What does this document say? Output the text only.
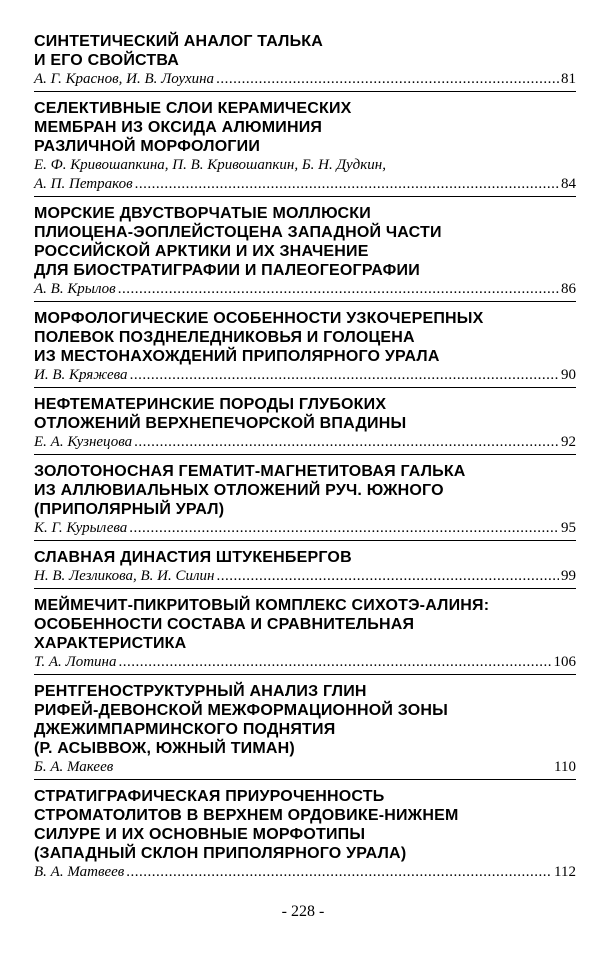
СИНТЕТИЧЕСКИЙ АНАЛОГ ТАЛЬКА
И ЕГО СВОЙСТВА
А. Г. Краснов, И. В. Лоухина .....	81
СЕЛЕКТИВНЫЕ СЛОИ КЕРАМИЧЕСКИХ
МЕМБРАН ИЗ ОКСИДА АЛЮМИНИЯ
РАЗЛИЧНОЙ МОРФОЛОГИИ
Е. Ф. Кривошапкина, П. В. Кривошапкин, Б. Н. Дудкин,
А. П. Петраков .....	84
МОРСКИЕ ДВУСТВОРЧАТЫЕ МОЛЛЮСКИ
ПЛИОЦЕНА-ЭОПЛЕЙСТОЦЕНА ЗАПАДНОЙ ЧАСТИ
РОССИЙСКОЙ АРКТИКИ И ИХ ЗНАЧЕНИЕ
ДЛЯ БИОСТРАТИГРАФИИ И ПАЛЕОГЕОГРАФИИ
А. В. Крылов .....	86
МОРФОЛОГИЧЕСКИЕ ОСОБЕННОСТИ УЗКОЧЕРЕПНЫХ
ПОЛЕВОК ПОЗДНЕЛЕДНИКОВЬЯ И ГОЛОЦЕНА
ИЗ МЕСТОНАХОЖДЕНИЙ ПРИПОЛЯРНОГО УРАЛА
И. В. Кряжева .....	90
НЕФТЕМАТЕРИНСКИЕ ПОРОДЫ ГЛУБОКИХ
ОТЛОЖЕНИЙ ВЕРХНЕПЕЧОРСКОЙ ВПАДИНЫ
Е. А. Кузнецова .....	92
ЗОЛОТОНОСНАЯ ГЕМАТИТ-МАГНЕТИТОВАЯ ГАЛЬКА
ИЗ АЛЛЮВИАЛЬНЫХ ОТЛОЖЕНИЙ РУЧ. ЮЖНОГО
(ПРИПОЛЯРНЫЙ УРАЛ)
К. Г. Курылева .....	95
СЛАВНАЯ ДИНАСТИЯ ШТУКЕНБЕРГОВ
Н. В. Лезликова, В. И. Силин .....	99
МЕЙМЕЧИТ-ПИКРИТОВЫЙ КОМПЛЕКС СИХОТЭ-АЛИНЯ:
ОСОБЕННОСТИ СОСТАВА И СРАВНИТЕЛЬНАЯ
ХАРАКТЕРИСТИКА
Т. А. Лотина .....	106
РЕНТГЕНОСТРУКТУРНЫЙ АНАЛИЗ ГЛИН
РИФЕЙ-ДЕВОНСКОЙ МЕЖФОРМАЦИОННОЙ ЗОНЫ
ДЖЕЖИМПАРМИНСКОГО ПОДНЯТИЯ
(Р. АСЫВВОЖ, ЮЖНЫЙ ТИМАН)
Б. А. Макеев	110
СТРАТИГРАФИЧЕСКАЯ ПРИУРОЧЕННОСТЬ
СТРОМАТОЛИТОВ В ВЕРХНЕМ ОРДОВИКЕ-НИЖНЕМ
СИЛУРЕ И ИХ ОСНОВНЫЕ МОРФОТИПЫ
(ЗАПАДНЫЙ СКЛОН ПРИПОЛЯРНОГО УРАЛА)
В. А. Матвеев .....	112
- 228 -
